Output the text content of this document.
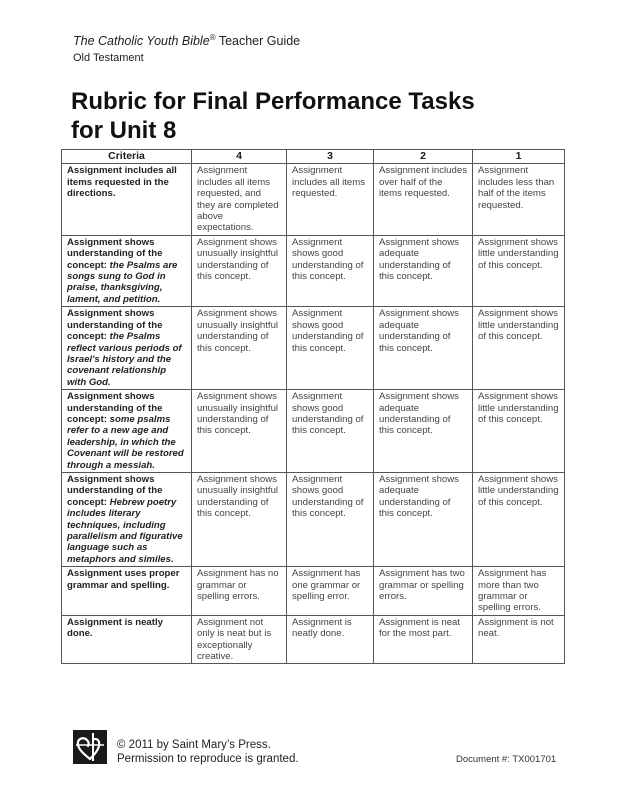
The Catholic Youth Bible® Teacher Guide
Old Testament
Rubric for Final Performance Tasks
for Unit 8
Criteria	4	3	2	1
Assignment includes all items requested in the directions.	Assignment includes all items requested, and they are completed above expectations.	Assignment includes all items requested.	Assignment includes over half of the items requested.	Assignment includes less than half of the items requested.
Assignment shows understanding of the concept: the Psalms are songs sung to God in praise, thanksgiving, lament, and petition.	Assignment shows unusually insightful understanding of this concept.	Assignment shows good understanding of this concept.	Assignment shows adequate understanding of this concept.	Assignment shows little understanding of this concept.
Assignment shows understanding of the concept: the Psalms reflect various periods of Israel's history and the covenant relationship with God.	Assignment shows unusually insightful understanding of this concept.	Assignment shows good understanding of this concept.	Assignment shows adequate understanding of this concept.	Assignment shows little understanding of this concept.
Assignment shows understanding of the concept: some psalms refer to a new age and leadership, in which the Covenant will be restored through a messiah.	Assignment shows unusually insightful understanding of this concept.	Assignment shows good understanding of this concept.	Assignment shows adequate understanding of this concept.	Assignment shows little understanding of this concept.
Assignment shows understanding of the concept: Hebrew poetry includes literary techniques, including parallelism and figurative language such as metaphors and similes.	Assignment shows unusually insightful understanding of this concept.	Assignment shows good understanding of this concept.	Assignment shows adequate understanding of this concept.	Assignment shows little understanding of this concept.
Assignment uses proper grammar and spelling.	Assignment has no grammar or spelling errors.	Assignment has one grammar or spelling error.	Assignment has two grammar or spelling errors.	Assignment has more than two grammar or spelling errors.
Assignment is neatly done.	Assignment not only is neat but is exceptionally creative.	Assignment is neatly done.	Assignment is neat for the most part.	Assignment is not neat.
© 2011 by Saint Mary’s Press.
Permission to reproduce is granted.	Document #: TX001701
